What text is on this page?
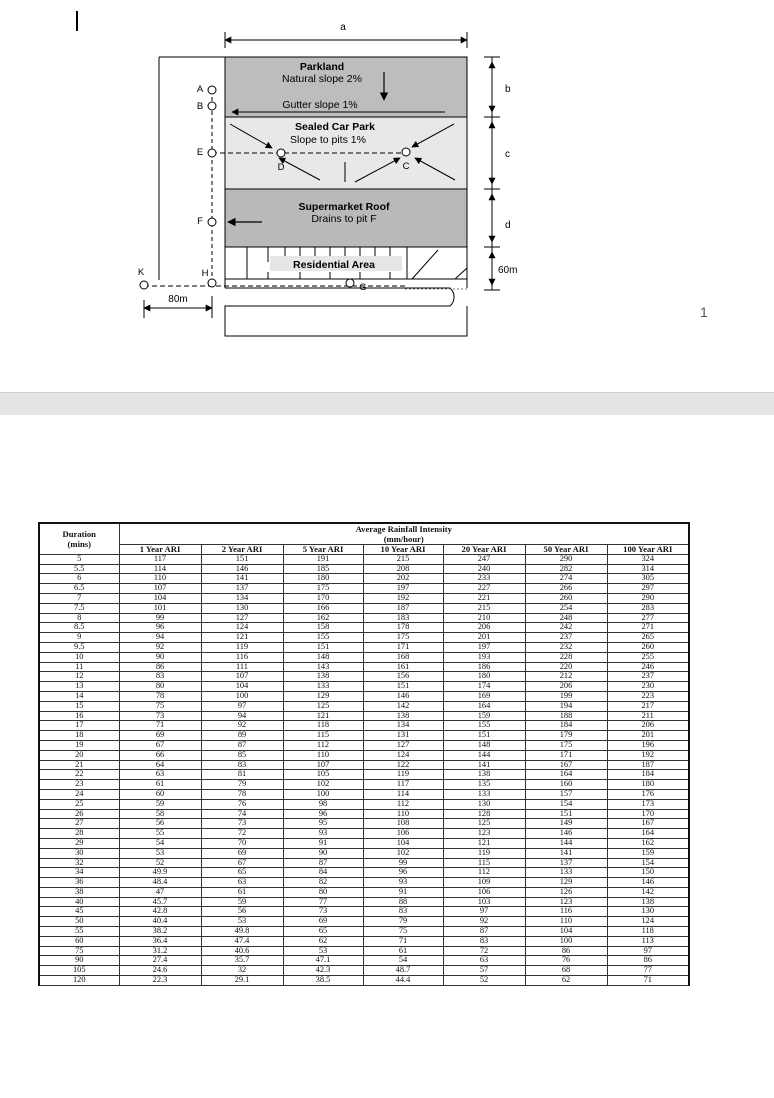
a
Parkland
Natural slope 2%
Gutter slope 1%
Sealed Car Park
Slope to pits 1%
D	C
Supermarket Roof
Drains to pit F
Residential Area
A
B
E
F
H
K
G
80m
b
c
d
60m
1
Duration
(mins)	Average Rainfall Intensity
(mm/hour)						
	1 Year ARI	2 Year ARI	5 Year ARI	10 Year ARI	20 Year ARI	50 Year ARI	100 Year ARI
5	117	151	191	215	247	290	324
5.5	114	146	185	208	240	282	314
6	110	141	180	202	233	274	305
6.5	107	137	175	197	227	266	297
7	104	134	170	192	221	260	290
7.5	101	130	166	187	215	254	283
8	99	127	162	183	210	248	277
8.5	96	124	158	178	206	242	271
9	94	121	155	175	201	237	265
9.5	92	119	151	171	197	232	260
10	90	116	148	168	193	228	255
11	86	111	143	161	186	220	246
12	83	107	138	156	180	212	237
13	80	104	133	151	174	206	230
14	78	100	129	146	169	199	223
15	75	97	125	142	164	194	217
16	73	94	121	138	159	188	211
17	71	92	118	134	155	184	206
18	69	89	115	131	151	179	201
19	67	87	112	127	148	175	196
20	66	85	110	124	144	171	192
21	64	83	107	122	141	167	187
22	63	81	105	119	138	164	184
23	61	79	102	117	135	160	180
24	60	78	100	114	133	157	176
25	59	76	98	112	130	154	173
26	58	74	96	110	128	151	170
27	56	73	95	108	125	149	167
28	55	72	93	106	123	146	164
29	54	70	91	104	121	144	162
30	53	69	90	102	119	141	159
32	52	67	87	99	115	137	154
34	49.9	65	84	96	112	133	150
36	48.4	63	82	93	109	129	146
38	47	61	80	91	106	126	142
40	45.7	59	77	88	103	123	138
45	42.8	56	73	83	97	116	130
50	40.4	53	69	79	92	110	124
55	38.2	49.8	65	75	87	104	118
60	36.4	47.4	62	71	83	100	113
75	31.2	40.6	53	61	72	86	97
90	27.4	35.7	47.1	54	63	76	86
105	24.6	32	42.3	48.7	57	68	77
120	22.3	29.1	38.5	44.4	52	62	71
